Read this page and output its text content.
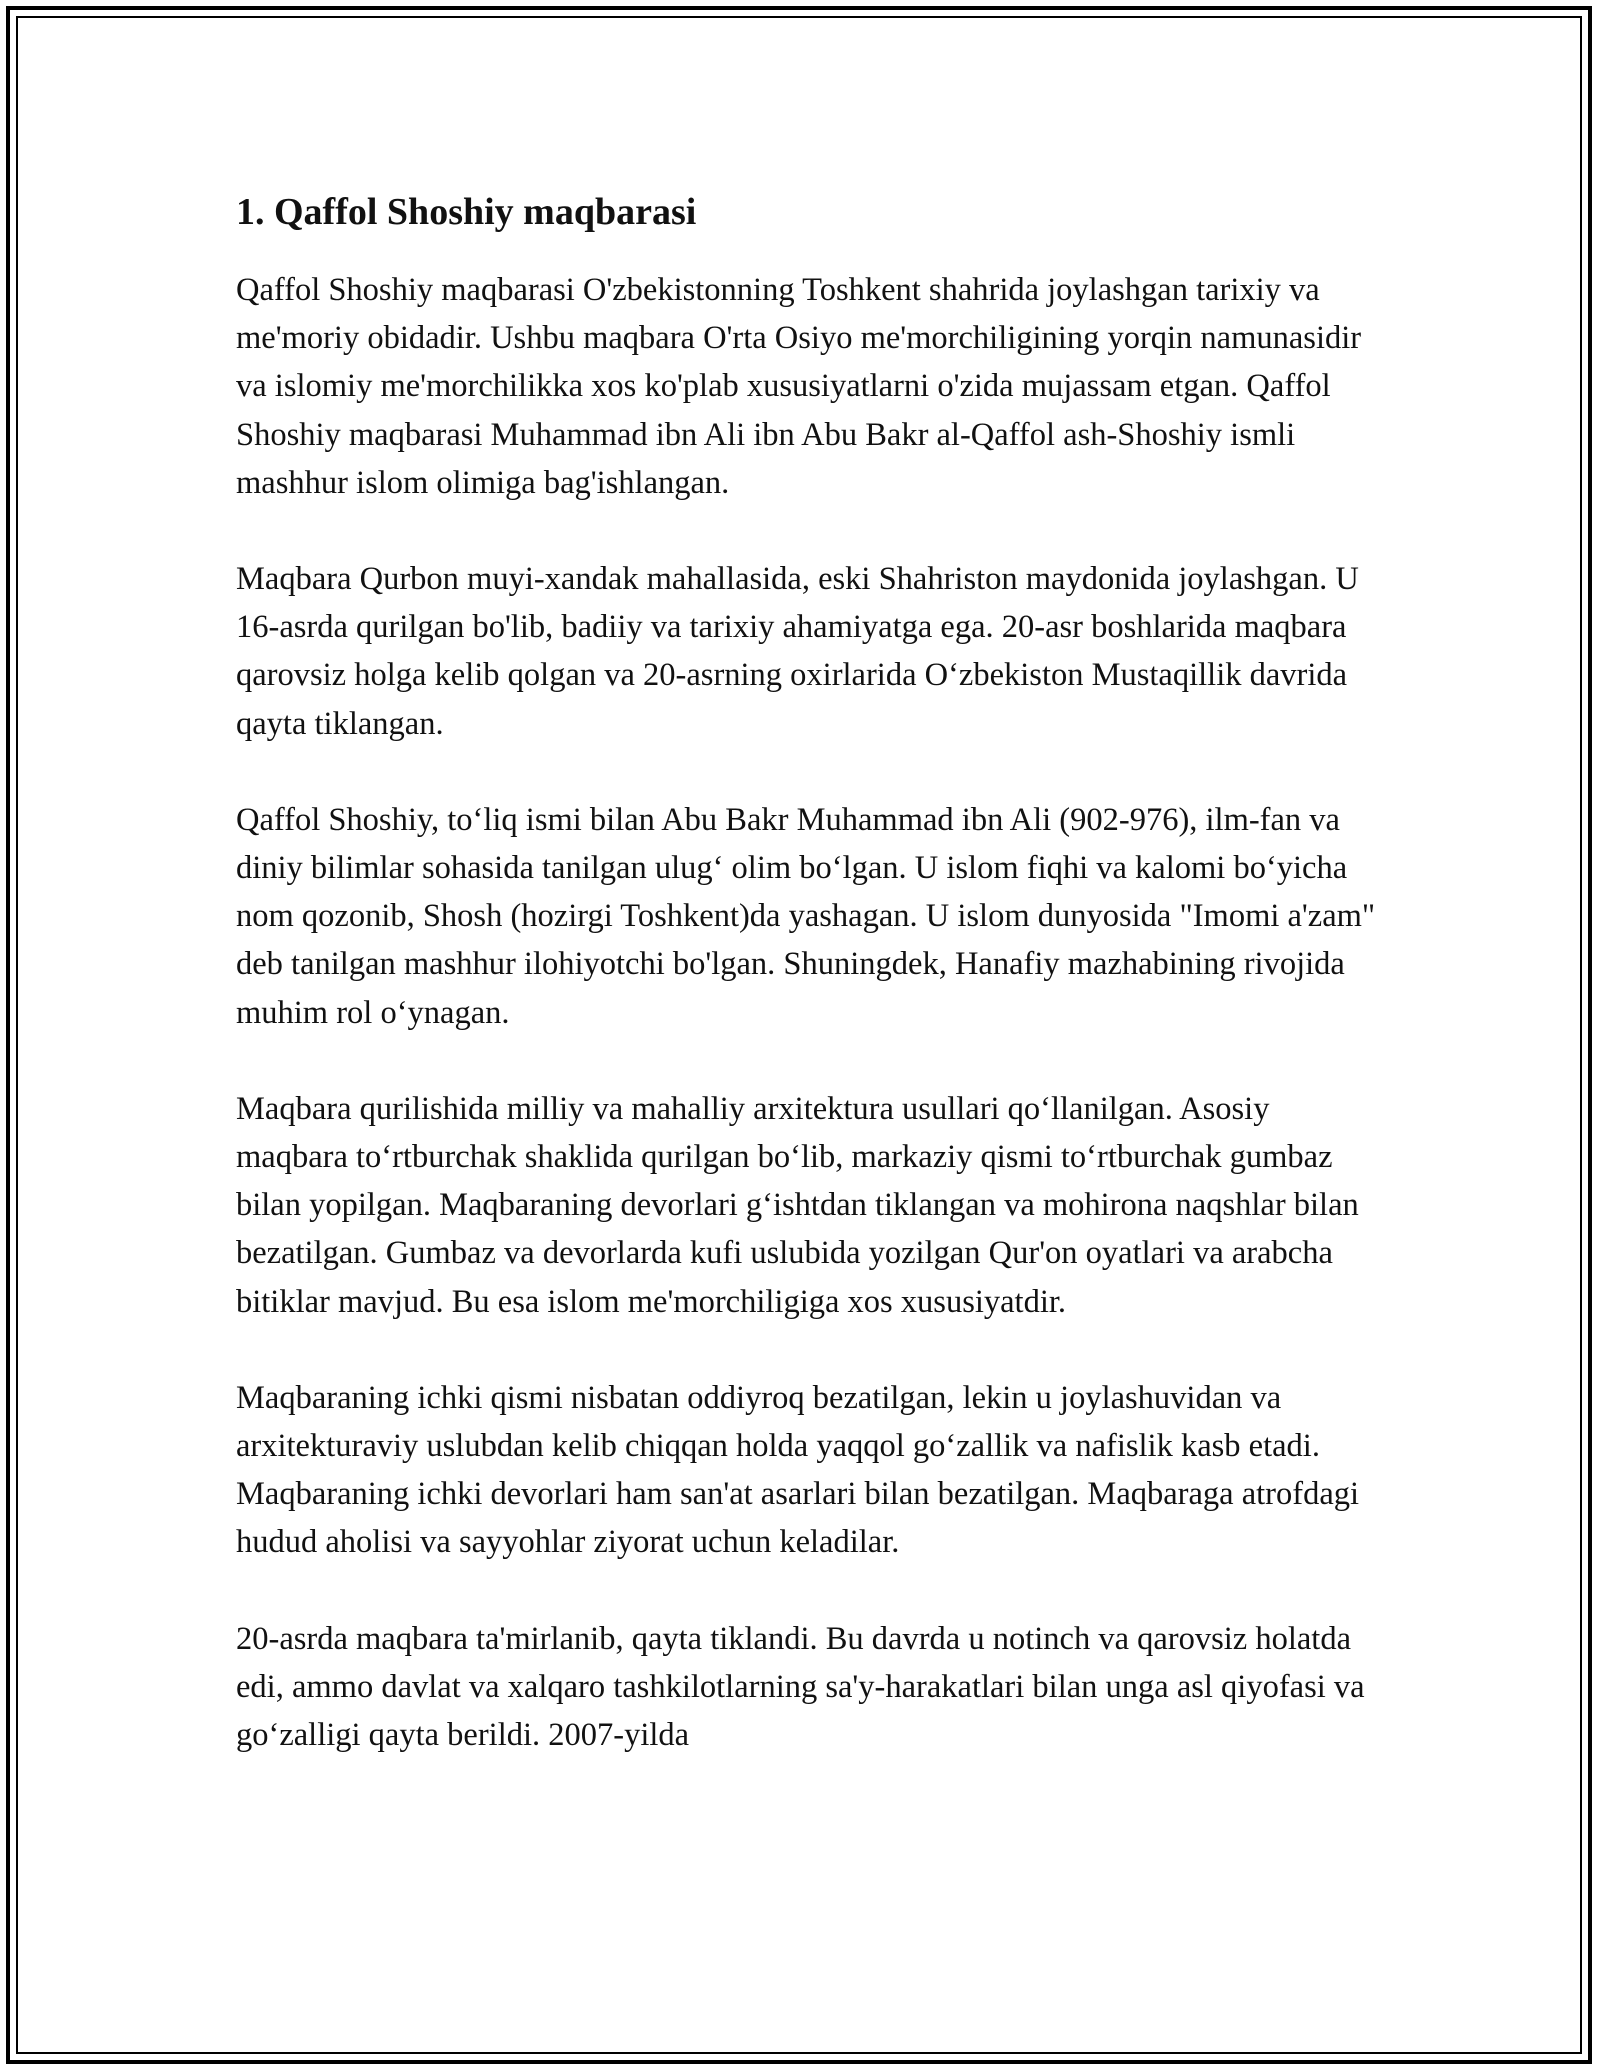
1. Qaffol Shoshiy maqbarasi

Qaffol Shoshiy maqbarasi O'zbekistonning Toshkent shahrida joylashgan tarixiy va me'moriy obidadir. Ushbu maqbara O'rta Osiyo me'morchiligining yorqin namunasidir va islomiy me'morchilikka xos ko'plab xususiyatlarni o'zida mujassam etgan. Qaffol Shoshiy maqbarasi Muhammad ibn Ali ibn Abu Bakr al-Qaffol ash-Shoshiy ismli mashhur islom olimiga bag'ishlangan.

Maqbara Qurbon muyi-xandak mahallasida, eski Shahriston maydonida joylashgan. U 16-asrda qurilgan bo'lib, badiiy va tarixiy ahamiyatga ega. 20-asr boshlarida maqbara qarovsiz holga kelib qolgan va 20-asrning oxirlarida O‘zbekiston Mustaqillik davrida qayta tiklangan.

Qaffol Shoshiy, to‘liq ismi bilan Abu Bakr Muhammad ibn Ali (902-976), ilm-fan va diniy bilimlar sohasida tanilgan ulug‘ olim bo‘lgan. U islom fiqhi va kalomi bo‘yicha nom qozonib, Shosh (hozirgi Toshkent)da yashagan. U islom dunyosida "Imomi a'zam" deb tanilgan mashhur ilohiyotchi bo'lgan. Shuningdek, Hanafiy mazhabining rivojida muhim rol o‘ynagan.

Maqbara qurilishida milliy va mahalliy arxitektura usullari qo‘llanilgan. Asosiy maqbara to‘rtburchak shaklida qurilgan bo‘lib, markaziy qismi to‘rtburchak gumbaz bilan yopilgan. Maqbaraning devorlari g‘ishtdan tiklangan va mohirona naqshlar bilan bezatilgan. Gumbaz va devorlarda kufi uslubida yozilgan Qur'on oyatlari va arabcha bitiklar mavjud. Bu esa islom me'morchiligiga xos xususiyatdir.

Maqbaraning ichki qismi nisbatan oddiyroq bezatilgan, lekin u joylashuvidan va arxitekturaviy uslubdan kelib chiqqan holda yaqqol go‘zallik va nafislik kasb etadi. Maqbaraning ichki devorlari ham san'at asarlari bilan bezatilgan. Maqbaraga atrofdagi hudud aholisi va sayyohlar ziyorat uchun keladilar.

20-asrda maqbara ta'mirlanib, qayta tiklandi. Bu davrda u notinch va qarovsiz holatda edi, ammo davlat va xalqaro tashkilotlarning sa'y-harakatlari bilan unga asl qiyofasi va go‘zalligi qayta berildi. 2007-yilda
